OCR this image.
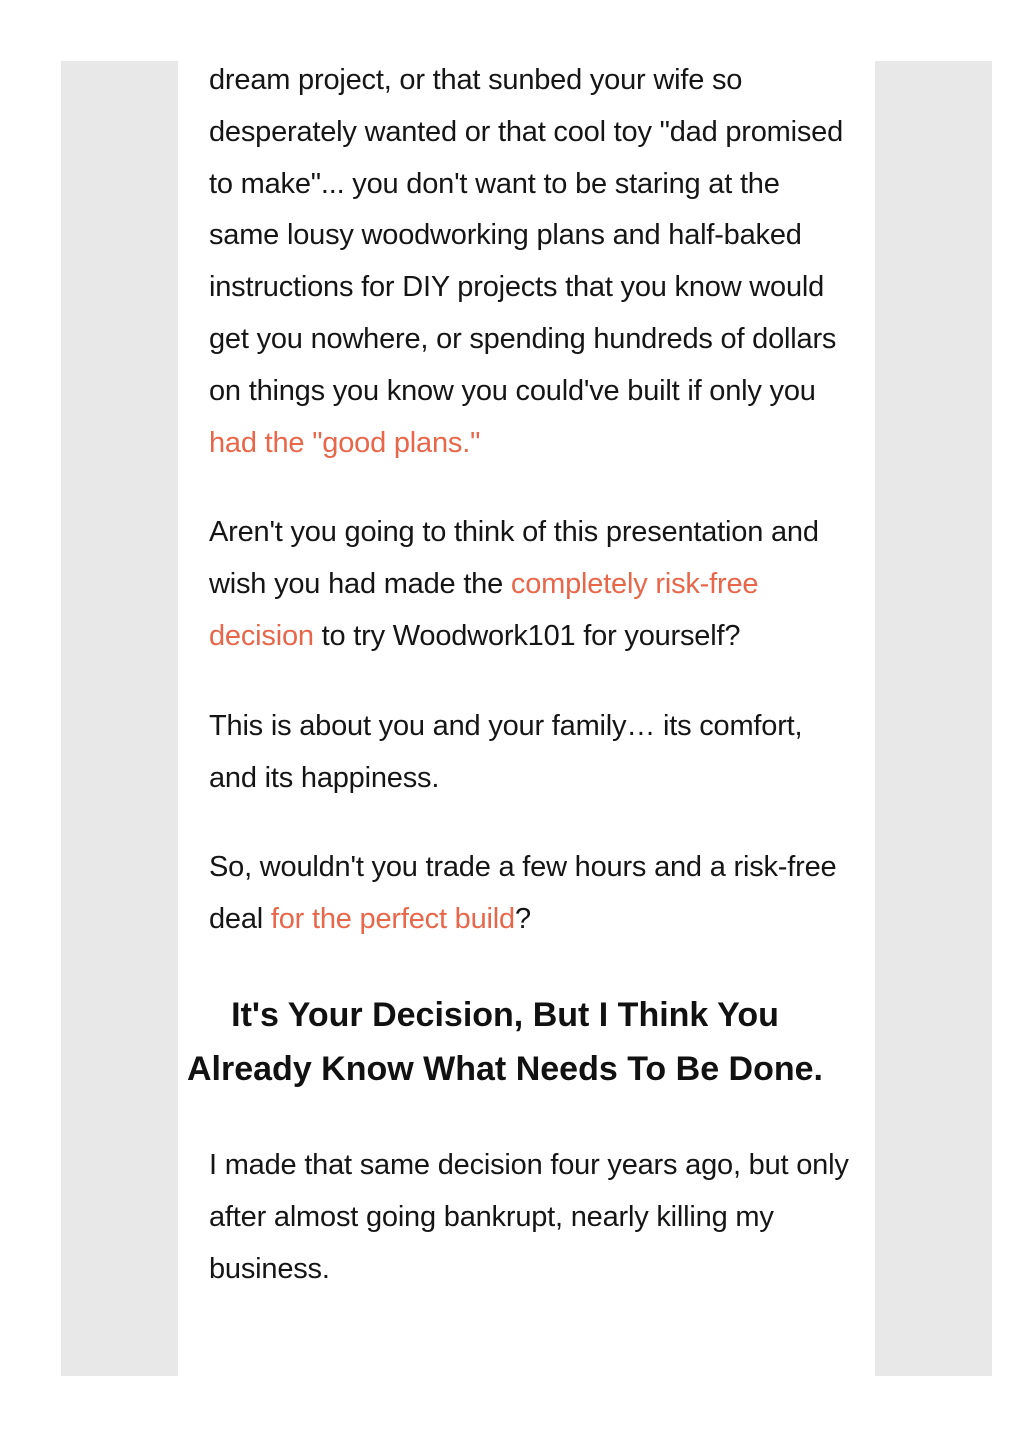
dream project, or that sunbed your wife so desperately wanted or that cool toy "dad promised to make"... you don't want to be staring at the same lousy woodworking plans and half-baked instructions for DIY projects that you know would get you nowhere, or spending hundreds of dollars on things you know you could've built if only you had the "good plans."

Aren't you going to think of this presentation and wish you had made the completely risk-free decision to try Woodwork101 for yourself?

This is about you and your family… its comfort, and its happiness.

So, wouldn't you trade a few hours and a risk-free deal for the perfect build?

It's Your Decision, But I Think You Already Know What Needs To Be Done.

I made that same decision four years ago, but only after almost going bankrupt, nearly killing my business.
